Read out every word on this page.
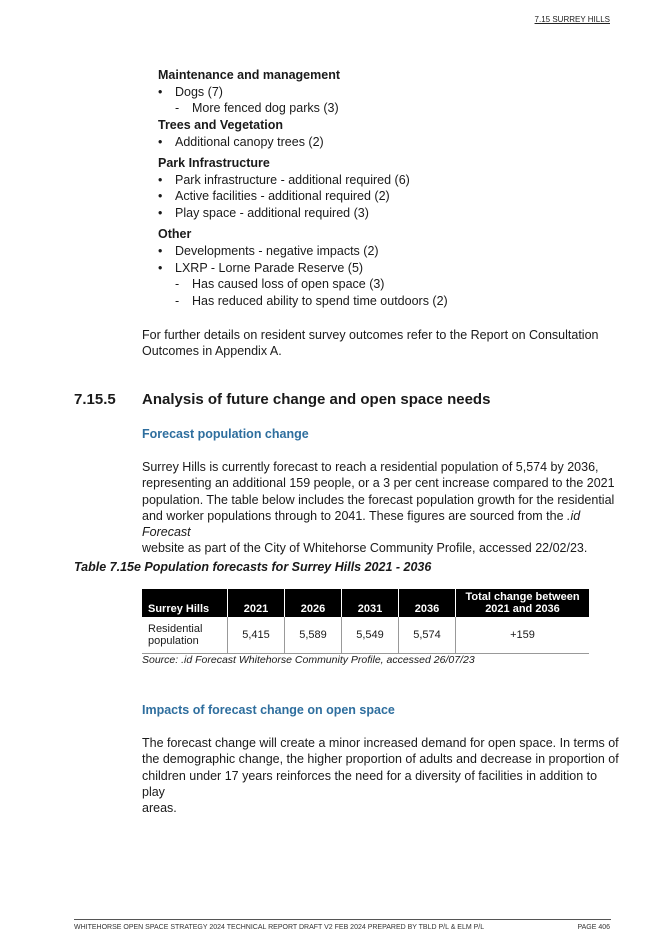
7.15 SURREY HILLS
Maintenance and management
• Dogs (7)
- More fenced dog parks (3)
Trees and Vegetation
• Additional canopy trees (2)
Park Infrastructure
• Park infrastructure - additional required (6)
• Active facilities - additional required (2)
• Play space - additional required (3)
Other
• Developments - negative impacts (2)
• LXRP - Lorne Parade Reserve (5)
- Has caused loss of open space (3)
- Has reduced ability to spend time outdoors (2)
For further details on resident survey outcomes refer to the Report on Consultation
Outcomes in Appendix A.
7.15.5 Analysis of future change and open space needs
Forecast population change
Surrey Hills is currently forecast to reach a residential population of 5,574 by 2036,
representing an additional 159 people, or a 3 per cent increase compared to the 2021
population. The table below includes the forecast population growth for the residential
and worker populations through to 2041. These figures are sourced from the .id Forecast
website as part of the City of Whitehorse Community Profile, accessed 22/02/23.
Table 7.15e Population forecasts for Surrey Hills 2021 - 2036
Surrey Hills	2021	2026	2031	2036	Total change between
2021 and 2036

Residential
population	5,415	5,589	5,549	5,574	+159
Source: .id Forecast Whitehorse Community Profile, accessed 26/07/23
Impacts of forecast change on open space
The forecast change will create a minor increased demand for open space. In terms of
the demographic change, the higher proportion of adults and decrease in proportion of
children under 17 years reinforces the need for a diversity of facilities in addition to play
areas.
WHITEHORSE OPEN SPACE STRATEGY 2024 TECHNICAL REPORT DRAFT V2 FEB 2024 PREPARED BY TBLD P/L & ELM P/L	PAGE 406
